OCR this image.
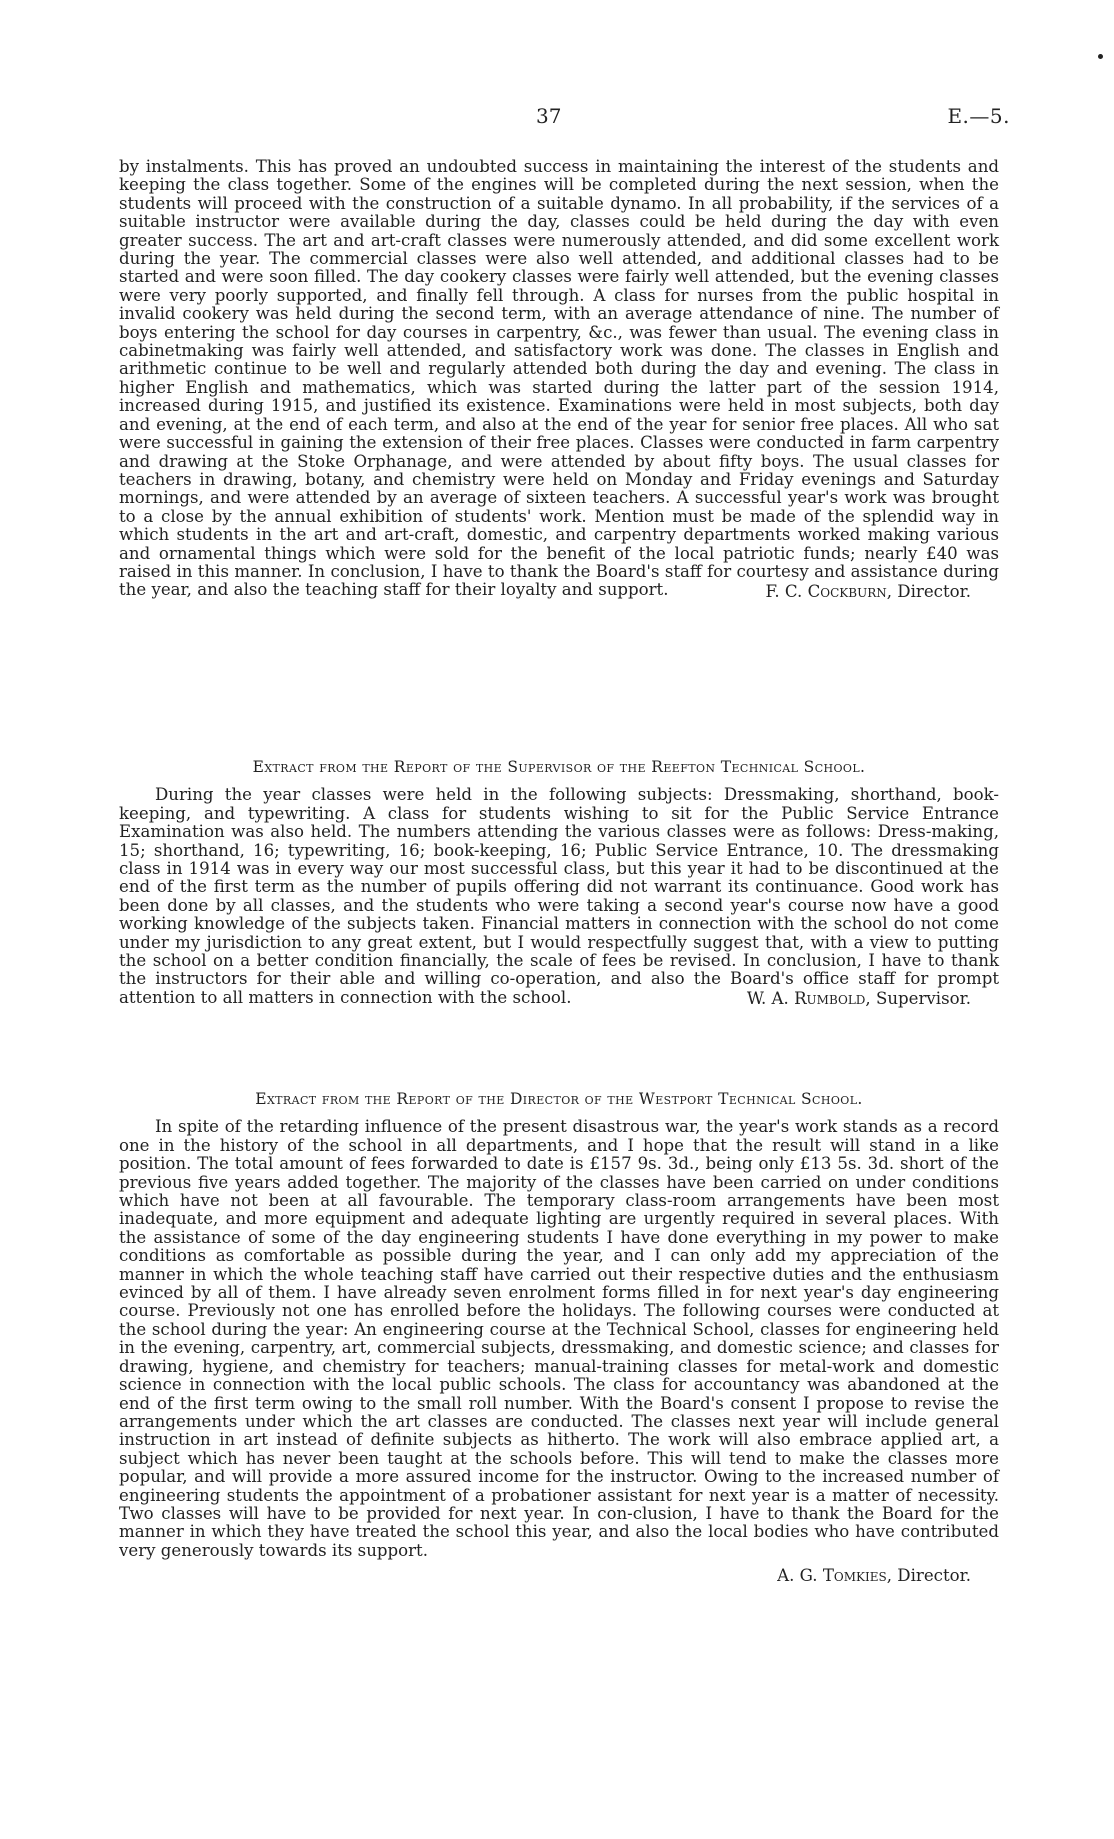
37	E.—5.

by instalments. This has proved an undoubted success in maintaining the interest of the students and keeping the class together. Some of the engines will be completed during the next session, when the students will proceed with the construction of a suitable dynamo. In all probability, if the services of a suitable instructor were available during the day, classes could be held during the day with even greater success. The art and art-craft classes were numerously attended, and did some excellent work during the year. The commercial classes were also well attended, and additional classes had to be started and were soon filled. The day cookery classes were fairly well attended, but the evening classes were very poorly supported, and finally fell through. A class for nurses from the public hospital in invalid cookery was held during the second term, with an average attendance of nine. The number of boys entering the school for day courses in carpentry, &c., was fewer than usual. The evening class in cabinetmaking was fairly well attended, and satisfactory work was done. The classes in English and arithmetic continue to be well and regularly attended both during the day and evening. The class in higher English and mathematics, which was started during the latter part of the session 1914, increased during 1915, and justified its existence. Examinations were held in most subjects, both day and evening, at the end of each term, and also at the end of the year for senior free places. All who sat were successful in gaining the extension of their free places. Classes were conducted in farm carpentry and drawing at the Stoke Orphanage, and were attended by about fifty boys. The usual classes for teachers in drawing, botany, and chemistry were held on Monday and Friday evenings and Saturday mornings, and were attended by an average of sixteen teachers. A successful year's work was brought to a close by the annual exhibition of students' work. Mention must be made of the splendid way in which students in the art and art-craft, domestic, and carpentry departments worked making various and ornamental things which were sold for the benefit of the local patriotic funds; nearly £40 was raised in this manner. In conclusion, I have to thank the Board's staff for courtesy and assistance during the year, and also the teaching staff for their loyalty and support.	F. C. Cockburn, Director.

Extract from the Report of the Supervisor of the Reefton Technical School.

During the year classes were held in the following subjects: Dressmaking, shorthand, book-keeping, and typewriting. A class for students wishing to sit for the Public Service Entrance Examination was also held. The numbers attending the various classes were as follows: Dress-making, 15; shorthand, 16; typewriting, 16; book-keeping, 16; Public Service Entrance, 10. The dressmaking class in 1914 was in every way our most successful class, but this year it had to be discontinued at the end of the first term as the number of pupils offering did not warrant its continuance. Good work has been done by all classes, and the students who were taking a second year's course now have a good working knowledge of the subjects taken. Financial matters in connection with the school do not come under my jurisdiction to any great extent, but I would respectfully suggest that, with a view to putting the school on a better condition financially, the scale of fees be revised. In conclusion, I have to thank the instructors for their able and willing co-operation, and also the Board's office staff for prompt attention to all matters in connection with the school.	W. A. Rumbold, Supervisor.

Extract from the Report of the Director of the Westport Technical School.

In spite of the retarding influence of the present disastrous war, the year's work stands as a record one in the history of the school in all departments, and I hope that the result will stand in a like position. The total amount of fees forwarded to date is £157 9s. 3d., being only £13 5s. 3d. short of the previous five years added together. The majority of the classes have been carried on under conditions which have not been at all favourable. The temporary class-room arrangements have been most inadequate, and more equipment and adequate lighting are urgently required in several places. With the assistance of some of the day engineering students I have done everything in my power to make conditions as comfortable as possible during the year, and I can only add my appreciation of the manner in which the whole teaching staff have carried out their respective duties and the enthusiasm evinced by all of them. I have already seven enrolment forms filled in for next year's day engineering course. Previously not one has enrolled before the holidays. The following courses were conducted at the school during the year: An engineering course at the Technical School, classes for engineering held in the evening, carpentry, art, commercial subjects, dressmaking, and domestic science; and classes for drawing, hygiene, and chemistry for teachers; manual-training classes for metal-work and domestic science in connection with the local public schools. The class for accountancy was abandoned at the end of the first term owing to the small roll number. With the Board's consent I propose to revise the arrangements under which the art classes are conducted. The classes next year will include general instruction in art instead of definite subjects as hitherto. The work will also embrace applied art, a subject which has never been taught at the schools before. This will tend to make the classes more popular, and will provide a more assured income for the instructor. Owing to the increased number of engineering students the appointment of a probationer assistant for next year is a matter of necessity. Two classes will have to be provided for next year. In con-clusion, I have to thank the Board for the manner in which they have treated the school this year, and also the local bodies who have contributed very generously towards its support.

A. G. Tomkies, Director.
